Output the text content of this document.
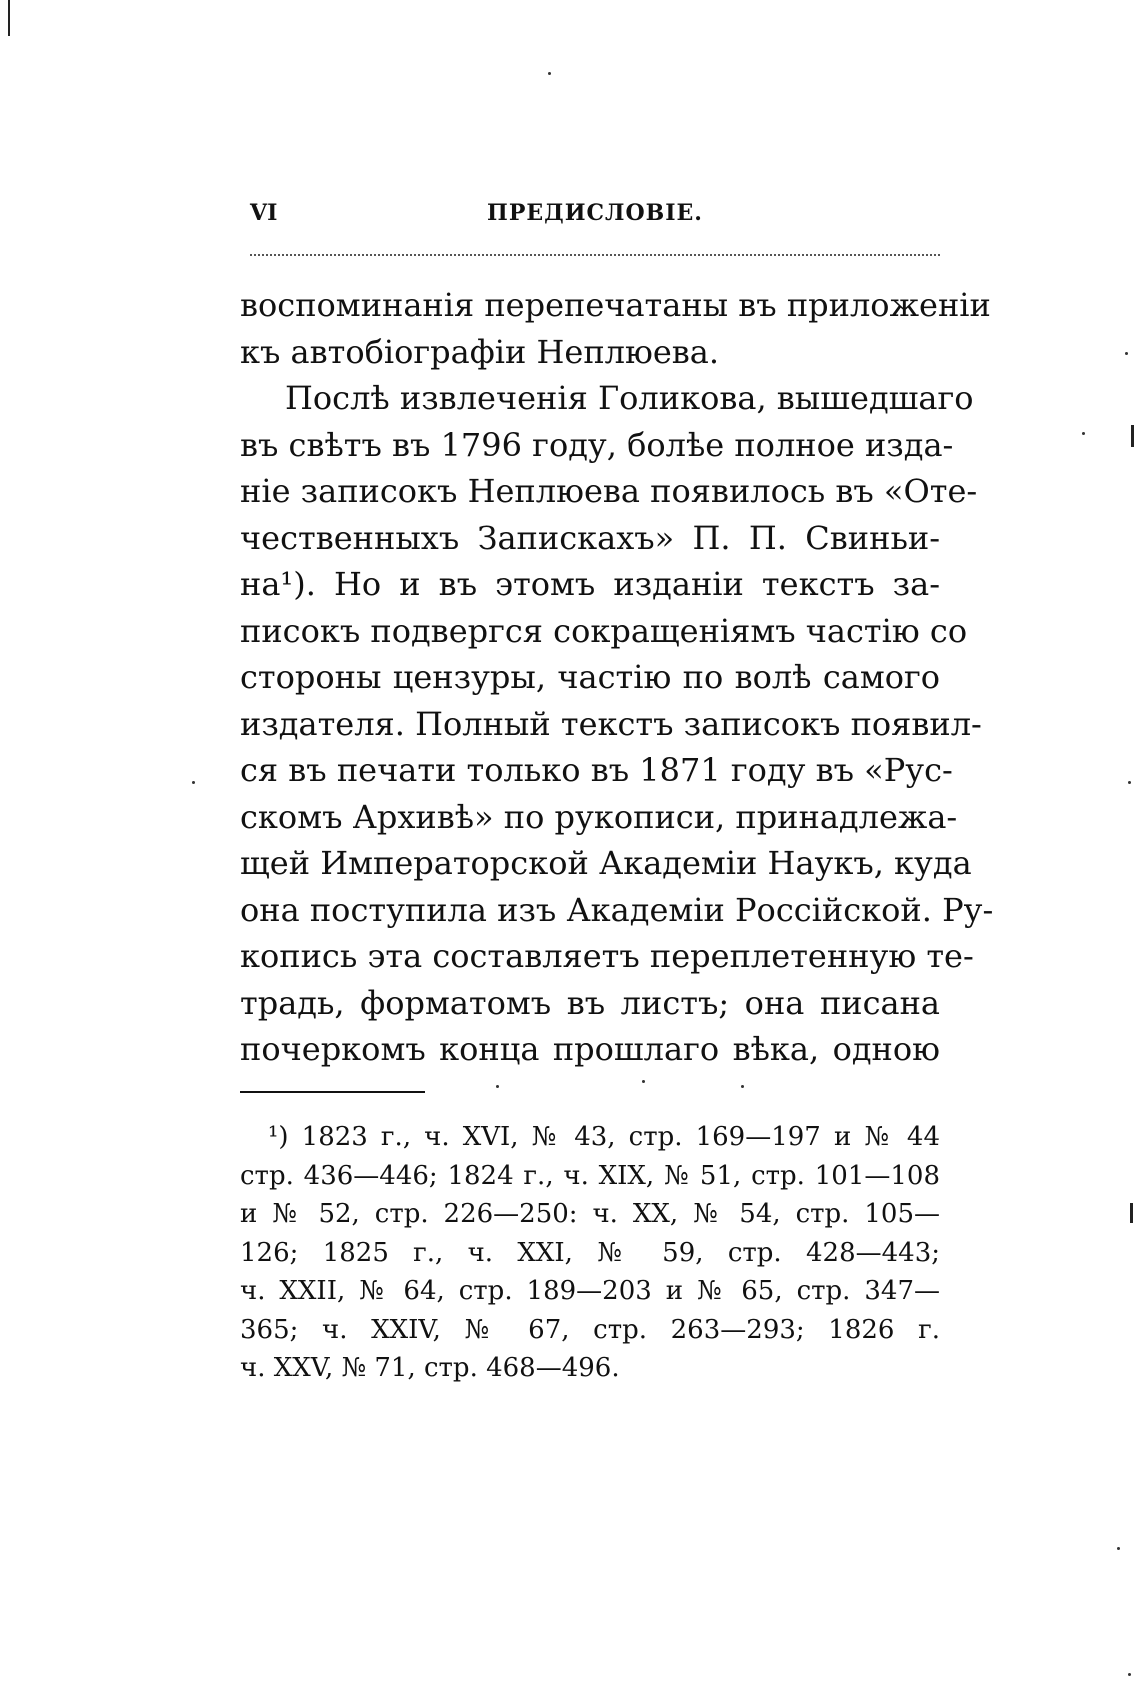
VI	ПРЕДИСЛОВІЕ.
воспоминанія перепечатаны въ приложеніи
къ автобіографіи Неплюева.
Послѣ извлеченія Голикова, вышедшаго
въ свѣтъ въ 1796 году, болѣе полное изда-
ніе записокъ Неплюева появилось въ «Оте-
чественныхъ Запискахъ» П. П. Свиньи-
на¹). Но и въ этомъ изданіи текстъ за-
писокъ подвергся сокращеніямъ частію со
стороны цензуры, частію по волѣ самого
издателя. Полный текстъ записокъ появил-
ся въ печати только въ 1871 году въ «Рус-
скомъ Архивѣ» по рукописи, принадлежа-
щей Императорской Академіи Наукъ, куда
она поступила изъ Академіи Россійской. Ру-
копись эта составляетъ переплетенную те-
традь, форматомъ въ листъ; она писана
почеркомъ конца прошлаго вѣка, одною
¹) 1823 г., ч. XVI, № 43, стр. 169—197 и № 44
стр. 436—446; 1824 г., ч. XIX, № 51, стр. 101—108
и № 52, стр. 226—250: ч. XX, № 54, стр. 105—
126; 1825 г., ч. XXI, № 59, стр. 428—443;
ч. XXII, № 64, стр. 189—203 и № 65, стр. 347—
365; ч. XXIV, № 67, стр. 263—293; 1826 г.
ч. XXV, № 71, стр. 468—496.
